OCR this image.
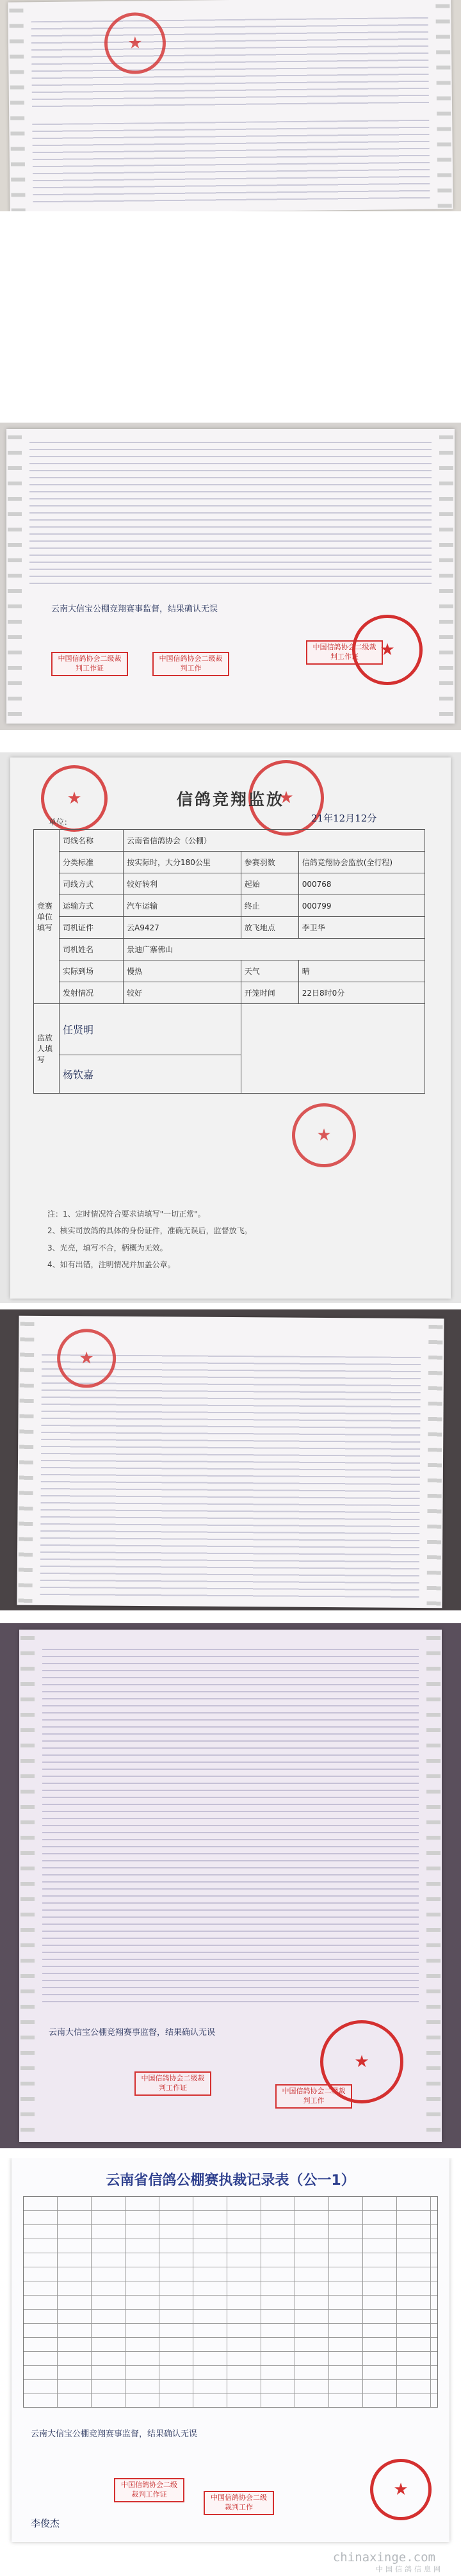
★
云南大信宝公棚竞翔赛事监督，结果确认无误
中国信鸽协会二级裁判工作证
中国信鸽协会二级裁判工作
中国信鸽协会二级裁判工作证
★
★
★
信鸽竞翔监放
单位：	21年12月12分
竞赛单位填写	司线名称	云南省信鸽协会（公棚）		
	分类标准	按实际时，大分180公里	参赛羽数	信鸽竞翔协会监放(全行程)
	司线方式	较好转利	起始	000768
	运输方式	汽车运输	终止	000799
	司机证件	云A9427	放飞地点	李卫华
	司机姓名	景迪广寨佛山		
	实际到场	慢热	天气	晴
	发射情况	较好	开笼时间	22日8时0分
监放人填写	任贤明			
	杨钦嘉			
★
注：1、定时情况符合要求请填写"一切正常"。
2、核实司放鸽的具体的身份证件，准确无误后，监督放飞。
3、光亮，填写不合，柄概为无效。
4、如有出错，注明情况并加盖公章。
★
云南大信宝公棚竞翔赛事监督，结果确认无误
中国信鸽协会二级裁判工作证	中国信鸽协会二级裁判工作
★
云南省信鸽公棚赛执裁记录表（公一1）
云南大信宝公棚竞翔赛事监督，结果确认无误
中国信鸽协会二级裁判工作证	中国信鸽协会二级裁判工作
★
李俊杰
chinaxinge.com
中国信鸽信息网
